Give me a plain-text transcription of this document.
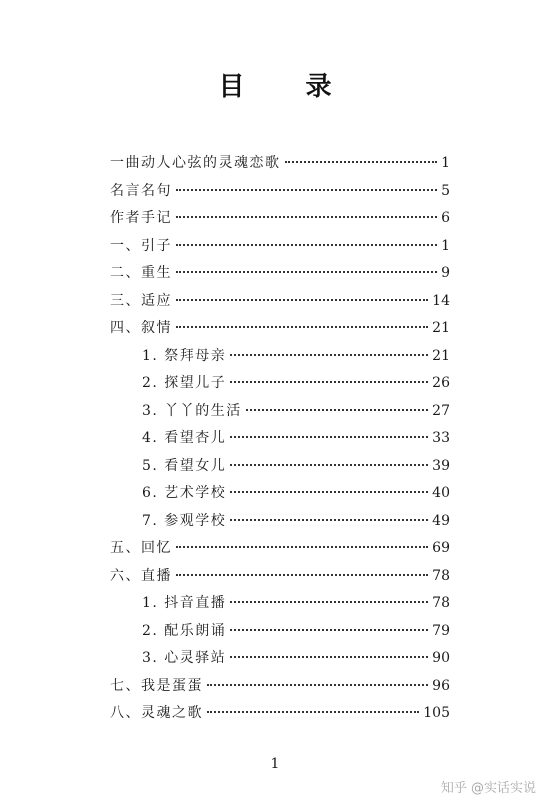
目 录
一曲动人心弦的灵魂恋歌	1
名言名句	5
作者手记	6
一、引子	1
二、重生	9
三、适应	14
四、叙情	21
1. 祭拜母亲	21
2. 探望儿子	26
3. 丫丫的生活	27
4. 看望杏儿	33
5. 看望女儿	39
6. 艺术学校	40
7. 参观学校	49
五、回忆	69
六、直播	78
1. 抖音直播	78
2. 配乐朗诵	79
3. 心灵驿站	90
七、我是蛋蛋	96
八、灵魂之歌	105
1
知乎 @实话实说
